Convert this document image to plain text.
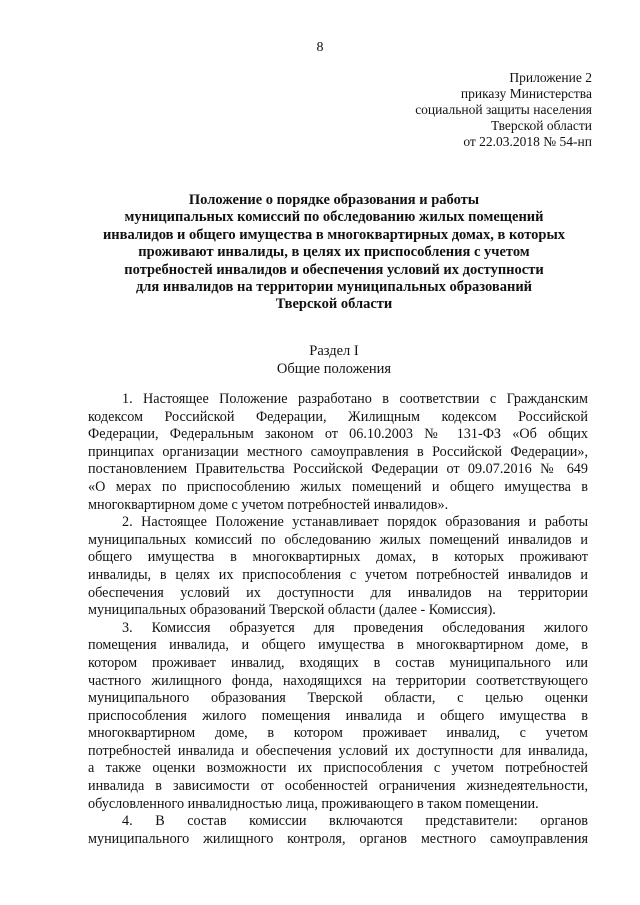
8
Приложение 2
приказу Министерства
социальной защиты населения
Тверской области
от 22.03.2018 № 54-нп
Положение о порядке образования и работы
муниципальных комиссий по обследованию жилых помещений
инвалидов и общего имущества в многоквартирных домах, в которых
проживают инвалиды, в целях их приспособления с учетом
потребностей инвалидов и обеспечения условий их доступности
для инвалидов на территории муниципальных образований
Тверской области
Раздел I
Общие положения
1. Настоящее Положение разработано в соответствии с Гражданским
кодексом Российской Федерации, Жилищным кодексом Российской
Федерации, Федеральным законом от 06.10.2003 № 131-ФЗ «Об общих
принципах организации местного самоуправления в Российской Федерации»,
постановлением Правительства Российской Федерации от 09.07.2016 № 649
«О мерах по приспособлению жилых помещений и общего имущества в
многоквартирном доме с учетом потребностей инвалидов».
2. Настоящее Положение устанавливает порядок образования и работы
муниципальных комиссий по обследованию жилых помещений инвалидов и
общего имущества в многоквартирных домах, в которых проживают
инвалиды, в целях их приспособления с учетом потребностей инвалидов и
обеспечения условий их доступности для инвалидов на территории
муниципальных образований Тверской области (далее - Комиссия).
3. Комиссия образуется для проведения обследования жилого
помещения инвалида, и общего имущества в многоквартирном доме, в
котором проживает инвалид, входящих в состав муниципального или
частного жилищного фонда, находящихся на территории соответствующего
муниципального образования Тверской области, с целью оценки
приспособления жилого помещения инвалида и общего имущества в
многоквартирном доме, в котором проживает инвалид, с учетом
потребностей инвалида и обеспечения условий их доступности для инвалида,
а также оценки возможности их приспособления с учетом потребностей
инвалида в зависимости от особенностей ограничения жизнедеятельности,
обусловленного инвалидностью лица, проживающего в таком помещении.
4. В состав комиссии включаются представители: органов
муниципального жилищного контроля, органов местного самоуправления
